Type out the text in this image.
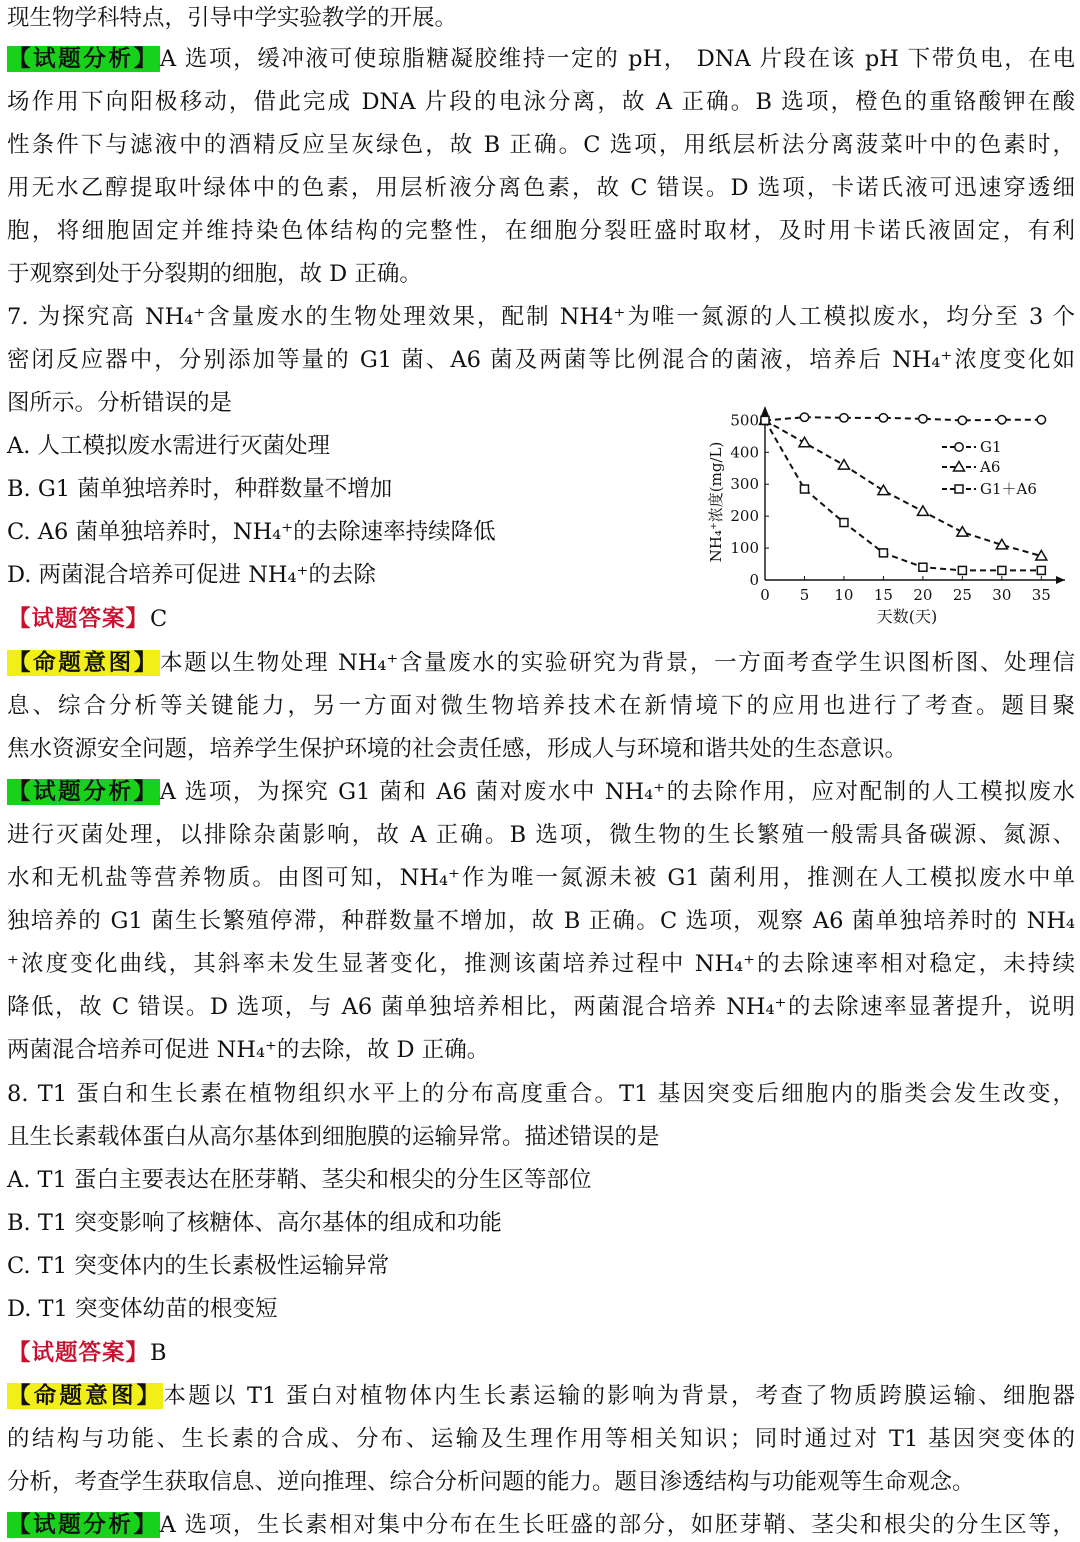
现生物学科特点，引导中学实验教学的开展。
【试题分析】A 选项，缓冲液可使琼脂糖凝胶维持一定的 pH， DNA 片段在该 pH 下带负电，在电
场作用下向阳极移动，借此完成 DNA 片段的电泳分离，故 A 正确。B 选项，橙色的重铬酸钾在酸
性条件下与滤液中的酒精反应呈灰绿色，故 B 正确。C 选项，用纸层析法分离菠菜叶中的色素时，
用无水乙醇提取叶绿体中的色素，用层析液分离色素，故 C 错误。D 选项，卡诺氏液可迅速穿透细
胞，将细胞固定并维持染色体结构的完整性，在细胞分裂旺盛时取材，及时用卡诺氏液固定，有利
于观察到处于分裂期的细胞，故 D 正确。
7. 为探究高 NH₄⁺含量废水的生物处理效果，配制 NH4⁺为唯一氮源的人工模拟废水，均分至 3 个
密闭反应器中，分别添加等量的 G1 菌、A6 菌及两菌等比例混合的菌液，培养后 NH₄⁺浓度变化如
图所示。分析错误的是
A. 人工模拟废水需进行灭菌处理
B. G1 菌单独培养时，种群数量不增加
C. A6 菌单独培养时，NH₄⁺的去除速率持续降低
D. 两菌混合培养可促进 NH₄⁺的去除
【试题答案】C
【命题意图】本题以生物处理 NH₄⁺含量废水的实验研究为背景，一方面考查学生识图析图、处理信
息、综合分析等关键能力，另一方面对微生物培养技术在新情境下的应用也进行了考查。题目聚
焦水资源安全问题，培养学生保护环境的社会责任感，形成人与环境和谐共处的生态意识。
【试题分析】A 选项，为探究 G1 菌和 A6 菌对废水中 NH₄⁺的去除作用，应对配制的人工模拟废水
进行灭菌处理，以排除杂菌影响，故 A 正确。B 选项，微生物的生长繁殖一般需具备碳源、氮源、
水和无机盐等营养物质。由图可知，NH₄⁺作为唯一氮源未被 G1 菌利用，推测在人工模拟废水中单
独培养的 G1 菌生长繁殖停滞，种群数量不增加，故 B 正确。C 选项，观察 A6 菌单独培养时的 NH₄
⁺浓度变化曲线，其斜率未发生显著变化，推测该菌培养过程中 NH₄⁺的去除速率相对稳定，未持续
降低，故 C 错误。D 选项，与 A6 菌单独培养相比，两菌混合培养 NH₄⁺的去除速率显著提升，说明
两菌混合培养可促进 NH₄⁺的去除，故 D 正确。
8. T1 蛋白和生长素在植物组织水平上的分布高度重合。T1 基因突变后细胞内的脂类会发生改变，
且生长素载体蛋白从高尔基体到细胞膜的运输异常。描述错误的是
A. T1 蛋白主要表达在胚芽鞘、茎尖和根尖的分生区等部位
B. T1 突变影响了核糖体、高尔基体的组成和功能
C. T1 突变体内的生长素极性运输异常
D. T1 突变体幼苗的根变短
【试题答案】B
【命题意图】本题以 T1 蛋白对植物体内生长素运输的影响为背景，考查了物质跨膜运输、细胞器
的结构与功能、生长素的合成、分布、运输及生理作用等相关知识；同时通过对 T1 基因突变体的
分析，考查学生获取信息、逆向推理、综合分析问题的能力。题目渗透结构与功能观等生命观念。
【试题分析】A 选项，生长素相对集中分布在生长旺盛的部分，如胚芽鞘、茎尖和根尖的分生区等，
0 5 10 15 20 25 30 35
0
100
200
300
400
500
天数(天)
NH₄⁺浓度(mg/L)	G1
A6
G1＋A6
